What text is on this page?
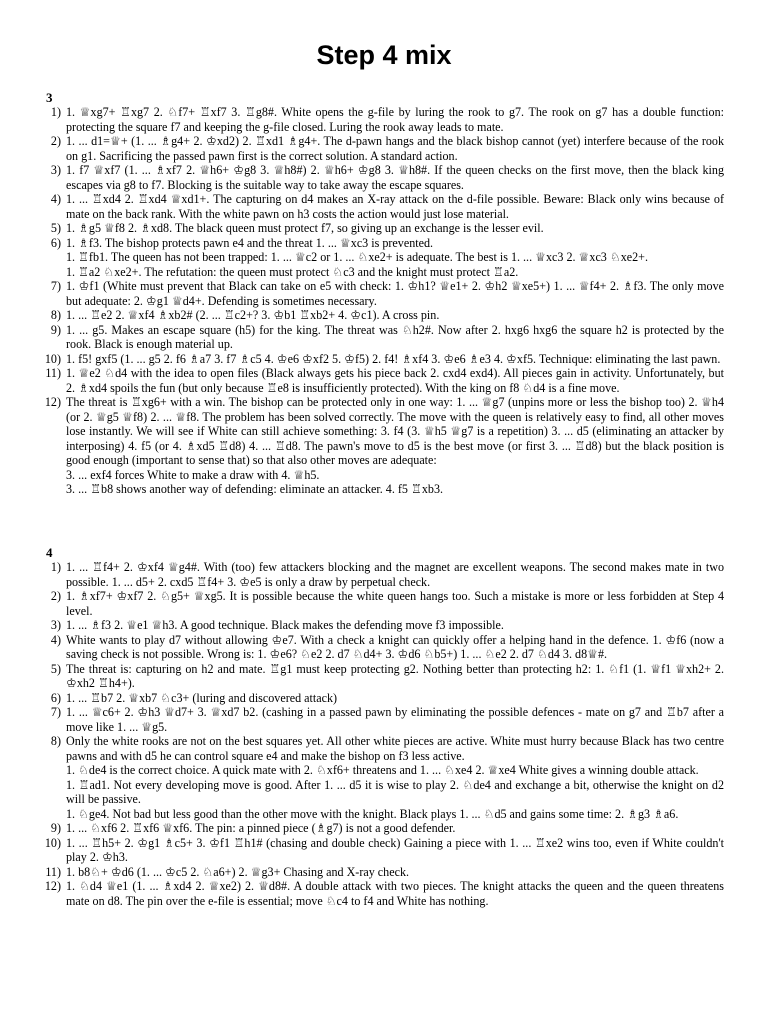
Step 4 mix
3
1) 1. ♕xg7+ ♖xg7 2. ♘f7+ ♖xf7 3. ♖g8#. White opens the g-file by luring the rook to g7. The rook on g7 has a double function: protecting the square f7 and keeping the g-file closed. Luring the rook away leads to mate.
2) 1. ... d1=♕+ (1. ... ♗g4+ 2. ♔xd2) 2. ♖xd1 ♗g4+. The d-pawn hangs and the black bishop cannot (yet) interfere because of the rook on g1. Sacrificing the passed pawn first is the correct solution. A standard action.
3) 1. f7 ♕xf7 (1. ... ♗xf7 2. ♕h6+ ♔g8 3. ♕h8#) 2. ♕h6+ ♔g8 3. ♕h8#. If the queen checks on the first move, then the black king escapes via g8 to f7. Blocking is the suitable way to take away the escape squares.
4) 1. ... ♖xd4 2. ♖xd4 ♕xd1+. The capturing on d4 makes an X-ray attack on the d-file possible. Beware: Black only wins because of mate on the back rank. With the white pawn on h3 costs the action would just lose material.
5) 1. ♗g5 ♕f8 2. ♗xd8. The black queen must protect f7, so giving up an exchange is the lesser evil.
6) 1. ♗f3. The bishop protects pawn e4 and the threat 1. ... ♕xc3 is prevented.
1. ♖fb1. The queen has not been trapped: 1. ... ♕c2 or 1. ... ♘xe2+ is adequate. The best is 1. ... ♕xc3 2. ♕xc3 ♘xe2+.
1. ♖a2 ♘xe2+. The refutation: the queen must protect ♘c3 and the knight must protect ♖a2.
7) 1. ♔f1 (White must prevent that Black can take on e5 with check: 1. ♔h1? ♕e1+ 2. ♔h2 ♕xe5+) 1. ... ♕f4+ 2. ♗f3. The only move but adequate: 2. ♔g1 ♕d4+. Defending is sometimes necessary.
8) 1. ... ♖e2 2. ♕xf4 ♗xb2# (2. ... ♖c2+? 3. ♔b1 ♖xb2+ 4. ♔c1). A cross pin.
9) 1. ... g5. Makes an escape square (h5) for the king. The threat was ♘h2#. Now after 2. hxg6 hxg6 the square h2 is protected by the rook. Black is enough material up.
10) 1. f5! gxf5 (1. ... g5 2. f6 ♗a7 3. f7 ♗c5 4. ♔e6 ♔xf2 5. ♔f5) 2. f4! ♗xf4 3. ♔e6 ♗e3 4. ♔xf5. Technique: eliminating the last pawn.
11) 1. ♕e2 ♘d4 with the idea to open files (Black always gets his piece back 2. cxd4 exd4). All pieces gain in activity. Unfortunately, but 2. ♗xd4 spoils the fun (but only because ♖e8 is insufficiently protected). With the king on f8 ♘d4 is a fine move.
12) The threat is ♖xg6+ with a win. The bishop can be protected only in one way: 1. ... ♕g7 (unpins more or less the bishop too) 2. ♕h4 (or 2. ♕g5 ♕f8) 2. ... ♕f8. The problem has been solved correctly. The move with the queen is relatively easy to find, all other moves lose instantly. We will see if White can still achieve something: 3. f4 (3. ♕h5 ♕g7 is a repetition) 3. ... d5 (eliminating an attacker by interposing) 4. f5 (or 4. ♗xd5 ♖d8) 4. ... ♖d8. The pawn's move to d5 is the best move (or first 3. ... ♖d8) but the black position is good enough (important to sense that) so that also other moves are adequate:
3. ... exf4 forces White to make a draw with 4. ♕h5.
3. ... ♖b8 shows another way of defending: eliminate an attacker. 4. f5 ♖xb3.
4
1) 1. ... ♖f4+ 2. ♔xf4 ♕g4#. With (too) few attackers blocking and the magnet are excellent weapons. The second makes mate in two possible. 1. ... d5+ 2. cxd5 ♖f4+ 3. ♔e5 is only a draw by perpetual check.
2) 1. ♗xf7+ ♔xf7 2. ♘g5+ ♕xg5. It is possible because the white queen hangs too. Such a mistake is more or less forbidden at Step 4 level.
3) 1. ... ♗f3 2. ♕e1 ♕h3. A good technique. Black makes the defending move f3 impossible.
4) White wants to play d7 without allowing ♔e7. With a check a knight can quickly offer a helping hand in the defence. 1. ♔f6 (now a saving check is not possible. Wrong is: 1. ♔e6? ♘e2 2. d7 ♘d4+ 3. ♔d6 ♘b5+) 1. ... ♘e2 2. d7 ♘d4 3. d8♕#.
5) The threat is: capturing on h2 and mate. ♖g1 must keep protecting g2. Nothing better than protecting h2: 1. ♘f1 (1. ♕f1 ♕xh2+ 2. ♔xh2 ♖h4+).
6) 1. ... ♖b7 2. ♕xb7 ♘c3+ (luring and discovered attack)
7) 1. ... ♕c6+ 2. ♔h3 ♕d7+ 3. ♕xd7 b2. (cashing in a passed pawn by eliminating the possible defences - mate on g7 and ♖b7 after a move like 1. ... ♕g5.
8) Only the white rooks are not on the best squares yet. All other white pieces are active. White must hurry because Black has two centre pawns and with d5 he can control square e4 and make the bishop on f3 less active.
1. ♘de4 is the correct choice. A quick mate with 2. ♘xf6+ threatens and 1. ... ♘xe4 2. ♕xe4 White gives a winning double attack.
1. ♖ad1. Not every developing move is good. After 1. ... d5 it is wise to play 2. ♘de4 and exchange a bit, otherwise the knight on d2 will be passive.
1. ♘ge4. Not bad but less good than the other move with the knight. Black plays 1. ... ♘d5 and gains some time: 2. ♗g3 ♗a6.
9) 1. ... ♘xf6 2. ♖xf6 ♕xf6. The pin: a pinned piece (♗g7) is not a good defender.
10) 1. ... ♖h5+ 2. ♔g1 ♗c5+ 3. ♔f1 ♖h1# (chasing and double check) Gaining a piece with 1. ... ♖xe2 wins too, even if White couldn't play 2. ♔h3.
11) 1. b8♘+ ♔d6 (1. ... ♔c5 2. ♘a6+) 2. ♕g3+ Chasing and X-ray check.
12) 1. ♘d4 ♕e1 (1. ... ♗xd4 2. ♕xe2) 2. ♕d8#. A double attack with two pieces. The knight attacks the queen and the queen threatens mate on d8. The pin over the e-file is essential; move ♘c4 to f4 and White has nothing.
